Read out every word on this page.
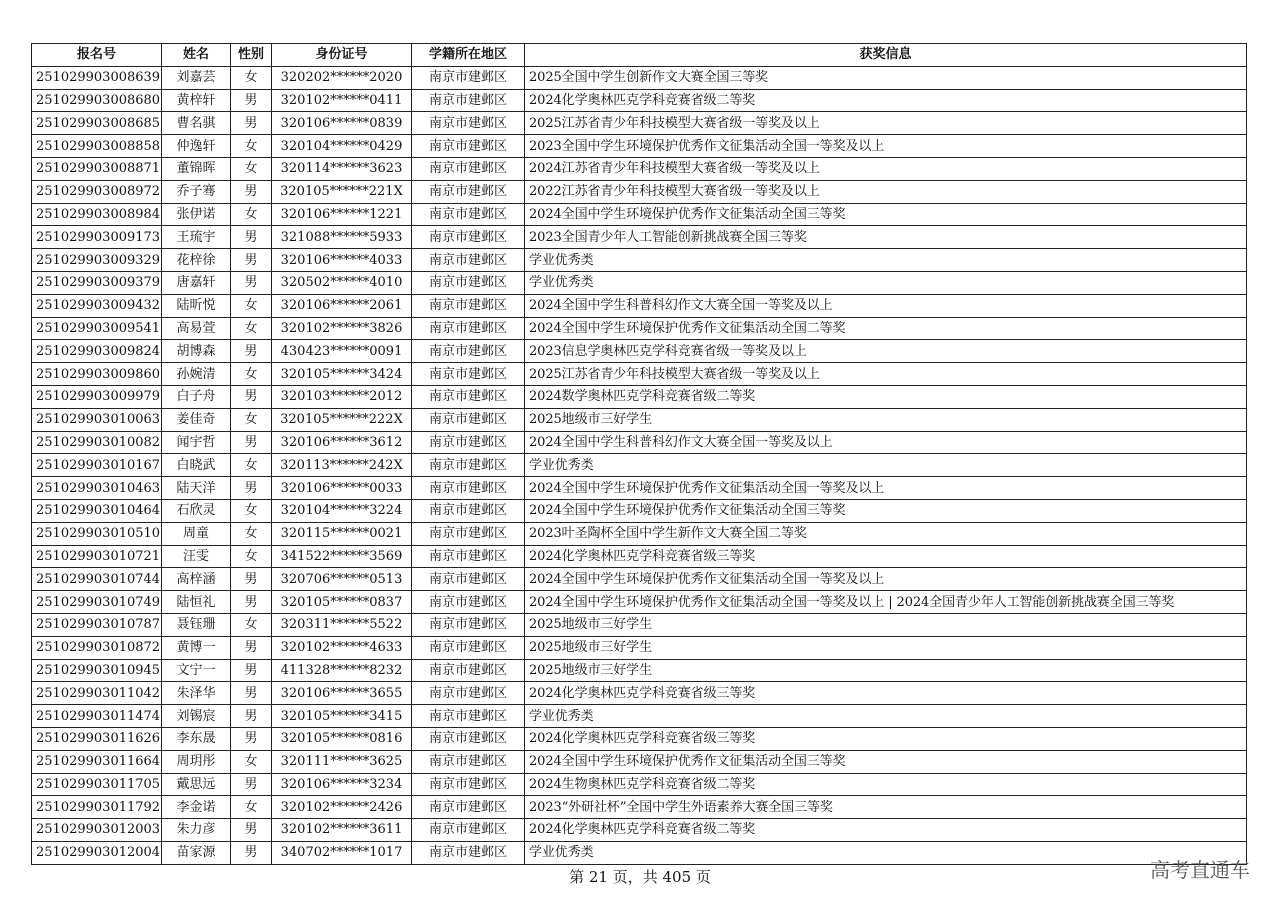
报名号	姓名	性别	身份证号	学籍所在地区	获奖信息
251029903008639	刘嘉芸	女	320202******2020	南京市建邺区	2025全国中学生创新作文大赛全国三等奖
251029903008680	黄梓轩	男	320102******0411	南京市建邺区	2024化学奥林匹克学科竞赛省级二等奖
251029903008685	曹名骐	男	320106******0839	南京市建邺区	2025江苏省青少年科技模型大赛省级一等奖及以上
251029903008858	仲逸轩	女	320104******0429	南京市建邺区	2023全国中学生环境保护优秀作文征集活动全国一等奖及以上
251029903008871	董锦晖	女	320114******3623	南京市建邺区	2024江苏省青少年科技模型大赛省级一等奖及以上
251029903008972	乔子骞	男	320105******221X	南京市建邺区	2022江苏省青少年科技模型大赛省级一等奖及以上
251029903008984	张伊诺	女	320106******1221	南京市建邺区	2024全国中学生环境保护优秀作文征集活动全国三等奖
251029903009173	王琉宇	男	321088******5933	南京市建邺区	2023全国青少年人工智能创新挑战赛全国三等奖
251029903009329	花梓徐	男	320106******4033	南京市建邺区	学业优秀类
251029903009379	唐嘉轩	男	320502******4010	南京市建邺区	学业优秀类
251029903009432	陆昕悦	女	320106******2061	南京市建邺区	2024全国中学生科普科幻作文大赛全国一等奖及以上
251029903009541	高易萱	女	320102******3826	南京市建邺区	2024全国中学生环境保护优秀作文征集活动全国二等奖
251029903009824	胡博森	男	430423******0091	南京市建邺区	2023信息学奥林匹克学科竞赛省级一等奖及以上
251029903009860	孙婉清	女	320105******3424	南京市建邺区	2025江苏省青少年科技模型大赛省级一等奖及以上
251029903009979	白子舟	男	320103******2012	南京市建邺区	2024数学奥林匹克学科竞赛省级二等奖
251029903010063	姜佳奇	女	320105******222X	南京市建邺区	2025地级市三好学生
251029903010082	闻宇哲	男	320106******3612	南京市建邺区	2024全国中学生科普科幻作文大赛全国一等奖及以上
251029903010167	白晓武	女	320113******242X	南京市建邺区	学业优秀类
251029903010463	陆天洋	男	320106******0033	南京市建邺区	2024全国中学生环境保护优秀作文征集活动全国一等奖及以上
251029903010464	石欣灵	女	320104******3224	南京市建邺区	2024全国中学生环境保护优秀作文征集活动全国三等奖
251029903010510	周童	女	320115******0021	南京市建邺区	2023叶圣陶杯全国中学生新作文大赛全国二等奖
251029903010721	汪雯	女	341522******3569	南京市建邺区	2024化学奥林匹克学科竞赛省级三等奖
251029903010744	高梓涵	男	320706******0513	南京市建邺区	2024全国中学生环境保护优秀作文征集活动全国一等奖及以上
251029903010749	陆恒礼	男	320105******0837	南京市建邺区	2024全国中学生环境保护优秀作文征集活动全国一等奖及以上 | 2024全国青少年人工智能创新挑战赛全国三等奖
251029903010787	聂钰珊	女	320311******5522	南京市建邺区	2025地级市三好学生
251029903010872	黄博一	男	320102******4633	南京市建邺区	2025地级市三好学生
251029903010945	文宁一	男	411328******8232	南京市建邺区	2025地级市三好学生
251029903011042	朱泽华	男	320106******3655	南京市建邺区	2024化学奥林匹克学科竞赛省级三等奖
251029903011474	刘锡宸	男	320105******3415	南京市建邺区	学业优秀类
251029903011626	李东晟	男	320105******0816	南京市建邺区	2024化学奥林匹克学科竞赛省级三等奖
251029903011664	周玥彤	女	320111******3625	南京市建邺区	2024全国中学生环境保护优秀作文征集活动全国三等奖
251029903011705	戴思远	男	320106******3234	南京市建邺区	2024生物奥林匹克学科竞赛省级二等奖
251029903011792	李金诺	女	320102******2426	南京市建邺区	2023“外研社杯”全国中学生外语素养大赛全国三等奖
251029903012003	朱力彦	男	320102******3611	南京市建邺区	2024化学奥林匹克学科竞赛省级二等奖
251029903012004	苗家源	男	340702******1017	南京市建邺区	学业优秀类
第 21 页，共 405 页	高考直通车
